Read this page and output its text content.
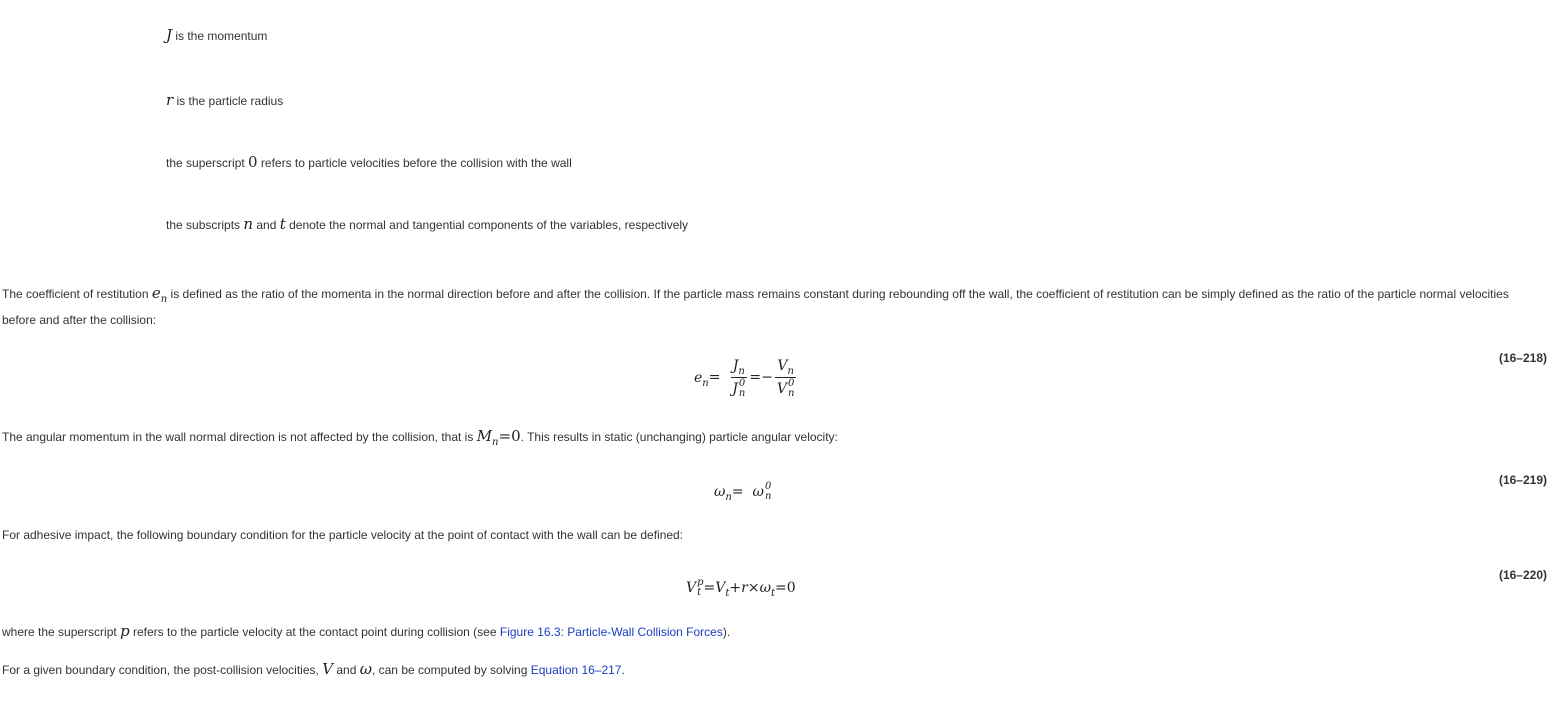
J is the momentum
r is the particle radius
the superscript 0 refers to particle velocities before the collision with the wall
the subscripts n and t denote the normal and tangential components of the variables, respectively
The coefficient of restitution $e_n$ is defined as the ratio of the momenta in the normal direction before and after the collision. If the particle mass remains constant during rebounding off the wall, the coefficient of restitution can be simply defined as the ratio of the particle normal velocities before and after the collision:
$e_n= J_n$
J 0
$n =- V_n$
V 0
n	(16–218)
The angular momentum in the wall normal direction is not affected by the collision, that is $M_n=0$. This results in static (unchanging) particle angular velocity:
$\omega_n= \omega$ 0
n
(16–219)
For adhesive impact, the following boundary condition for the particle velocity at the point of contact with the wall can be defined:
V p
$t =V_t+r\times\omega_t=0$
(16–220)
where the superscript p refers to the particle velocity at the contact point during collision (see Figure 16.3: Particle-Wall Collision Forces).
For a given boundary condition, the post-collision velocities, V and ω, can be computed by solving Equation 16–217.
